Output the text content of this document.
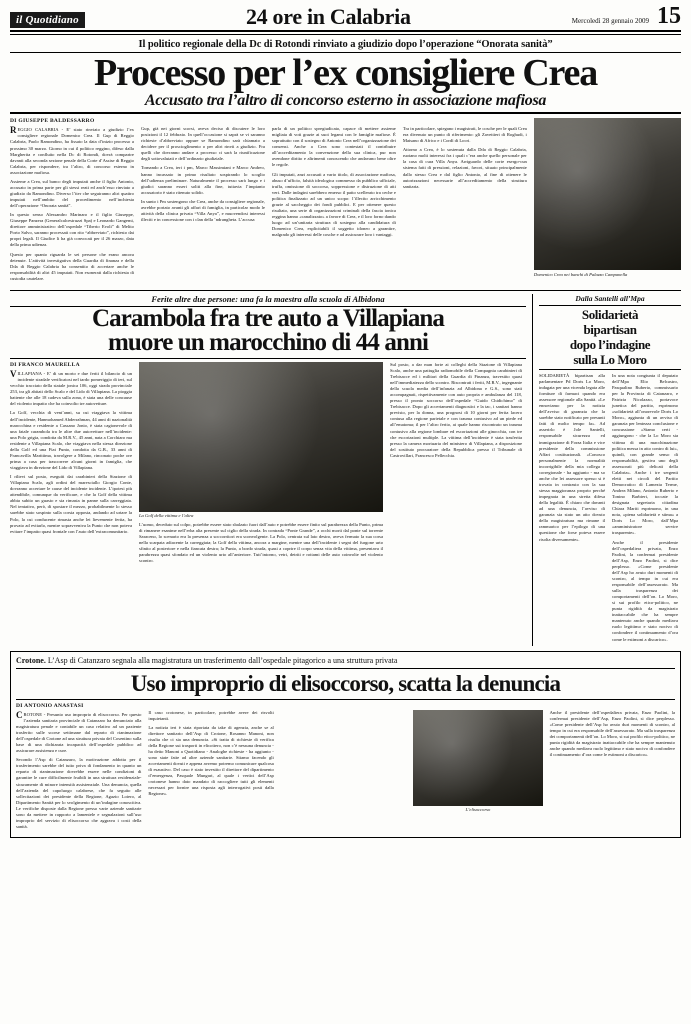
il Quotidiano	24 ore in Calabria	Mercoledì 28 gennaio 2009 15
Il politico regionale della Dc di Rotondi rinviato a giudizio dopo l’operazione “Onorata sanità”
Processo per l’ex consigliere Crea
Accusato tra l’altro di concorso esterno in associazione mafiosa
DI GIUSEPPE BALDESSARRO

REGGIO CALABRIA - E’ stato rinviato a giudizio l’ex consigliere regionale Domenico Crea. Il Gup di Reggio Calabria, Paolo Ramondino, ha fissato la data d’inizio processo a prossimo 30 marzo. Giorno in cui il politico reggino, difeso dalla Margherita e confluito nella Dc di Rotondi, dovrà comparire davanti alla seconda sezione penale della Corte d’Assise di Reggio Calabria, per rispondere, tra l’altro, di concorso esterno in associazione mafiosa.

Assieme a Crea, sul banco degli imputati anche il figlio Antonio, accusato in prima parte per gli stessi reati ed anch’esso rinviato a giudizio da Ramondino. Diverso l’iter che seguiranno altri quattro imputati nell’ambito del procedimento nell’inchiesta dell’operazione “Onorata sanità”.

In questo senso Alessandro Marinaro e il figlio Giuseppe, Giuseppe Panzera (Generalcalcestruzzi Spa) e Leonardo Gangemi, direttore amministrativo dell’ospedale “Tiberio Evoli” di Melito Porto Salvo, saranno processati con rito “abbreviato”, richiesto dai propri legali. Il Giudice li ha già convocati per il 26 marzo, data della prima udienza.

Questo per quanto riguarda le sei persone che erano ancora detenute. L’attività investigativa della Guardia di finanza e della Dda di Reggio Calabria ha consentito di accertare anche le responsabilità di altri 45 imputati. Non esonerati dalla richiesta di custodia cautelare.

Gup, già nei giorni scorsi, aveva deciso di discutere le loro posizioni il 12 febbraio. In quell’occasione si saprà se vi saranno richieste d’abbreviato oppure se Ramondino sarà chiamato a decidere per il proscioglimento o per altri rinvii a giudizio. Fra quelli che dovranno andare a processo ci sarà la riunificazione degli sottovalutati e dell’ordinario giudiziale.

Tornando a Crea, ieri i pm, Marco Massimiani e Marco Andreo, hanno incassato in primo risultato sospirando lo scoglio dell’udienza preliminare. Naturalmente il processo sarà lungo e i giudici saranno esseri soliti alla fine, tuttavia l’impianto accusatorio è stato ritenuto solido.

In sunto i Pm sostengono che Crea, anche da consigliere regionale, avrebbe portato avanti gli affari di famiglia, in particolar modo le attività della clinica privata “Villa Anya”, e muovendosi interessi illeciti e in concessione con i clan della ’ndrangheta. L’accusa

parla di un politico spregiudicato, capace di mettere assieme migliaia di voti grazie ai suoi legami con le famiglie mafiose. È soprattutto con il sostegno di Antonio Crea nell’organizzazione dei consensi. Anche a Crea sono contestati il contribuire all’accreditamento la convenzione della sua clinica, pur non avendone diritto e altrimenti conoscendo che andavano bene oltre le regole.

Gli imputati, anzi accusati a vario titolo, di associazione mafiosa, abuso d’ufficio, falsità ideologica commesso da pubblico ufficiale, truffa, omissione di soccorso, soppressione e distruzione di atti veri. Dalle indagini sarebbero emerso il patto scellerato tra ceche e politica finalizzato ad un unico scopo: l’illecito arricchimento grazie al saccheggio dei fondi pubblici. E per ottenere questo risultato, una serie di organizzazioni criminali della fascia ionica reggina hanno «canalizzato» a favore di Crea, e il loro forno dando luogo ad un’unitaria struttura di sostegno alla candidatura di Domenico Crea, esplicitabili il soggetto idoneo a garantire, malgrado gli interessi delle cosche e ad assicurare loro i vantaggi.

Tra in particolare, spiegano i magistrati, le cosche per le quali Crea era divenuto un punto di riferimento: gli Zavettieri di Roghudi, i Maisano di Africo e i Cordì di Locri.

Attorno a Crea, è lo sostenuta dalla Dda di Reggio Calabria, ruotano molti interessi fra i quali c’era anche quello personale per la casa di cura Villa Anya. Arriguardo delle corte esergo-cun sistema fatti di pressioni, relazioni, favori, situato principalmente dallo stesso Crea e dal figlio Antonio, al fine di ottenere le autorizzazioni necessarie all’accreditamento della struttura sanitaria.

Domenico Crea nei banchi di Palazzo Campanella
Ferite altre due persone: una fa la maestra alla scuola di Albidona
Carambola fra tre auto a Villapiana
muore un marocchino di 44 anni
DI FRANCO MAURELLA

VILLAPIANA - E’ di un morto e due feriti il bilancio di un incidente stradale verificatosi nel tardo pomeriggio di ieri, sul vecchio tracciato della statale jonica 106, oggi strada provinciale 253, tra gli abitati dello Scalo e del Lido di Villapiana. La pioggia battente che alle 18 cadeva sulla zona, è stata una delle concause del violento impatto che ha coinvolto tre autovetture.

La Golf, vecchia di vent’anni, su cui viaggiava la vittima dell’incidente, Hanmohamed Abderrahman, 44 anni di nazionalità marocchina e residente a Cassano Jonio, è stata cagionevole di una fatale carambola tra le altre due autovetture nell’incidente: una Polo grigia, condotta da M.R.V., 45 anni, nata a Corchiaro ma residente a Villapiana Scalo, che viaggiava nella stessa direzione della Golf ed una Fiat Punto, condotta da G.B., 33 anni di Francavilla Marittima, travolgere a Milano, rinconato poche ore prima a casa per trascorrere alcuni giorni in famiglia, che viaggiava in direzione del Lido di Villapiana.

I rilievi sul posto, eseguiti dai carabinieri della Stazione di Villapiana Scalo, agli ordini del maresciallo Giorgio Conte, dovranno accertare le cause del incidente incidente. L’ipotesi più attendibile, comunque da verificare, e che la Golf della vittima abbia subito un guasto e sia rimasta in panne sulla carreggiata. Nel tentativo, però, di spostare il mezzo, probabilmente lo stesso sarebbe stato sospinto sulla corsia opposta, andando ad urtare la Polo, la cui conducente rimasta anche lei lievemente ferita, ha provato ad evitarlo, mentre sopravveniva la Punto che non poteva evitare l’impatto quasi frontale con l’auto dell’extracomunitario.

La Golf della vittima e l’altra

L’uomo, deceduto sul colpo, potrebbe essere stato sbalzato fuori dall’auto e potrebbe essere finito sul parabrezza della Punto, prima di rimanere esanime nell’erba alta presente sul ciglio della strada. In contrada “Ponte Grande”, a occhi morti dal ponte sul torrente Saraceno, lo scenario era la presenza a soccorritori era sconvolgente. La Polo, centrata sul lato destro, aveva fermato la sua corsa nella scarpata adiacente la carreggiata; la Golf della vittima, ancora a margine, mentre una dell’incidente i segni del furgone urto sfinito al posteriore e nella fiancata destra; la Punto, a bordo strada, quasi a coprire il corpo senza vita della vittima, presentava il parabrezza quasi sfondato ed un violento urto all’anteriore. Tutt’intorno, vetri, detriti e rottami delle auto coinvolte nel violento scontro.

Sul posto, a dar man forte ai colleghi della Stazione di Villapiana Scalo, anche una pattuglia radiomobile della Compagnia carabinieri di Trebisacce ed i militari della Guardia di Finanza, travestito quasi nell’immediatezza dello scontro. Riscontrati i feriti, M.R.V., ingegnante della scuola media dell’infanzia ad Albidona e G.S., sono stati accompagnati, rispettivamente con auto propria e ambulanza del 118, presso il pronto soccorso dell’ospedale “Guido Chidichimo” di Trebisacce. Dopo gli accertamenti diagnostici e la tac, i sanitari hanno previsto, per la donna, una prognosi di 10 giorni per ferita lacero contusa alla regione parietale e con trauma contusivo ad un piede ed all’ematoma; il per l’altro ferito, ai quale hanno riscontrato un trauma contusivo alla regione lombare ed escoriazioni alle ginocchia, con tre che escoriazioni multiple. La vittima dell’incidente è stata trasferita presso la camera mortuaria del ministero di Villapiana, a disposizione del sostituto procuratore della Repubblica presso il Tribunale di Castrovillari, Francesco Pellecchia.

Dalla Santelli all’Mpa
Solidarietà
bipartisan
dopo l’indagine
sulla Lo Moro

SOLIDARIETÀ bipartisan alla parlamentare Pd Doris Lo Moro, indagata per una vicenda legata alle forniture di farmaci quando era assessore regionale alla Sanità. «Le ennoviamo per la notizia dell’avviso di garanzia che la sarebbe stato notificato per presunti fatti di molto tempo fa». Ad asserirlo è Jole Santelli, responsabile sicurezza ed immigrazione di Forza Italia e vice presidente della commissione Affari costituzionali. «Conosco personalmente la normalità incorrigibile della mia collega e corregionale - ha aggiunto - ma so anche che lei assessore spesso si è trovata in contrasto con la sua stessa maggioranza proprio perché impegnata in una stretta difesa della legalità. È chiaro che davanti ad una denuncia, l’avviso di garanzia sia stato un atto dovuto della magistratura ma rimane il rammarico per l’epilogo di una questione che forse poteva essere risolta diversamente».

In una nota congiunta il deputato dell’Mpa Elio Belcastro, Pasqualino Ruberto, commissario per la Provincia di Catanzaro, e Patrizia Nicolazzo, portavoce junetica del partito, esprimono «solidarietà all’onorevole Doris Lo Moro», aggiunta di un avviso di garanzia per lentezza conclusione e concussione «Siamo certi - aggiungono - che la Lo Moro sia vittima di una macchinazione politica messa in atto contro di lui», quindi, con grande senso di responsabilità, gestiva uno degli assessorati più delicati della Calabria». Anche i tre sergenti eletti nei circoli del Partito Democratico di Lamezia Terme, Andrea Milano, Antonio Ruberto e Tonino Barbieri, toccate la designata segretaria cittadina Chiara Mariti esprimono, in una nota, «piena solidarietà e stima» a Doris Lo Moro, dall’Mpa «amministratore servire trasparente».

Anche il presidente dell’ospedaliera privata, Enzo Paolini, la confermai presidente dell’Asp, Enzo Paolini, si dice perplesso. «Come presidente dell’Asp ho avuto duri momenti di scontro, al tempo in cui era responsabile dell’assessorato. Ma sulla trasparenza dei comportamenti dell’on. Lo Moro, si sui profilo etico-politico, ne punta rigidità da magistrato inattaccabile che ha sempre mantenuto anche quando mediava ruolo legittimo e stato nocivo di confondere il continuamento d’ora come le estimoni a discarico».

Crotone. L’Asp di Catanzaro segnala alla magistratura un trasferimento dall’ospedale pitagorico a una struttura privata
Uso improprio di elisoccorso, scatta la denuncia
DI ANTONIO ANASTASI

CROTONE - Presunto uso improprio di elisoccorso. Per questo l’azienda sanitaria provinciale di Catanzaro ha denunciato alla magistratura penale e contabile un caso relativo ad un paziente trasferito sulle scorse settimane dal reparto di rianimazione dell’ospedale di Crotone ad una struttura privata del Cosentino sulla base di una dichiarata incapacità dell’ospedale pubblico ad assicurare assistenza e cure.

Secondo l’Asp di Catanzaro, la motivazione addotta per il trasferimento sarebbe del tutto priva di fondamento in quanto un reparto di rianimazione dovrebbe essere nelle condizioni di garantire le cure difficilmente fruibili in una struttura residenziale-sicuramente di minore intensità assistenziale. Una denuncia, quella dell’azienda del capoluogo calabrese, che fa seguito alle sollecitazioni dei presidente della Regione, Agazio Loiero, al Dipartimento Sanità per lo svolgimento di un’indagine conoscitiva. Le verifiche disposte dalla Regione presso varie aziende sanitarie sono da mettere in rapporto a lamentele e segnalazioni sull’uso improprio del servizio di elisoccorso che aggrava i costi della sanità.

Il caso crotonese, in particolare, potrebbe avere dei risvolti inquietanti.

La notizia ieri è stata riportata da take di agenzia, anche se al direttore sanitario dell’Asp di Crotone, Rosanno Manoni, non risulta che ci sia una denuncia. «Si tratta di richieste di verifica della Regione sui trasporti in elicottero, non c’è nessuna denuncia - ha detto Manoni a Quotidiano - Analoghe richieste - ha aggiunto - sono state fatte ad altre aziende sanitarie. Stiamo facendo gli accertamenti dovuti e appena avremo potremo comunicare qualcosa di esaustivo. Del caso è stato investito il direttore del dipartimento d’emergenza, Pasquale Mungari, al quale i vertici dell’Asp crotonese hanno dato mandato di raccogliere tutti gli elementi necessari per fornire una risposta agli interrogativi posti dalla Regione».

L’elisoccorso

Anche il presidente dell’ospedaliera privata, Enzo Paolini, la confermai presidente dell’Asp, Enzo Paolini, si dice perplesso. «Come presidente dell’Asp ho avuto duri momenti di scontro, al tempo in cui era responsabile dell’assessorato. Ma sulla trasparenza dei comportamenti dell’on. Lo Moro, si sui profilo etico-politico, ne punta rigidità da magistrato inattaccabile che ha sempre mantenuto anche quando mediava ruolo legittimo e stato nocivo di confondere il continuamento d’ora come le estimoni a discarico».
